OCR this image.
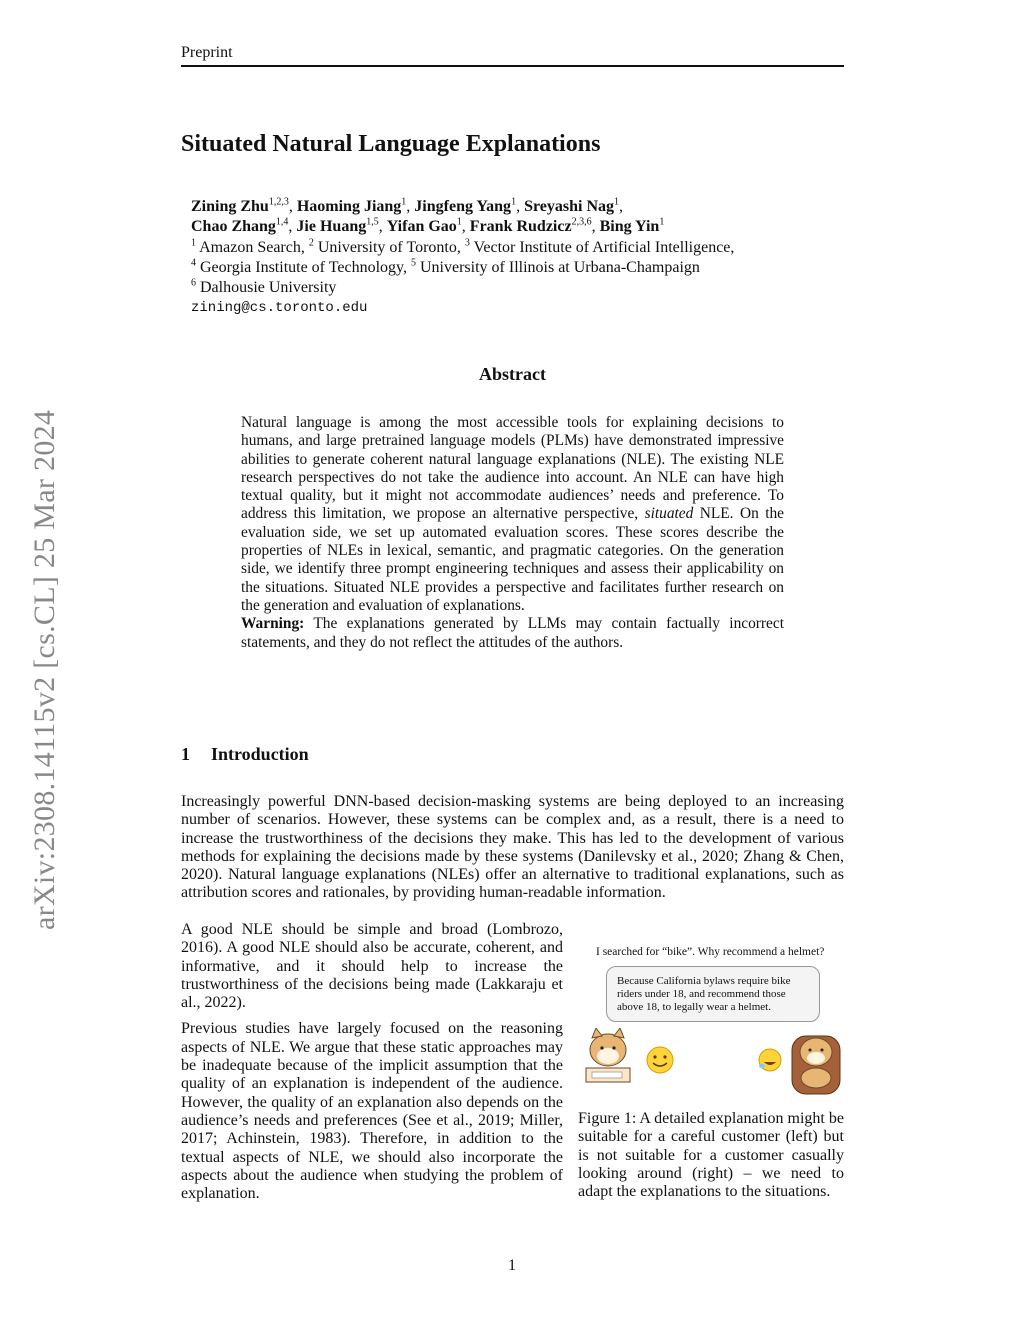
Preprint
arXiv:2308.14115v2 [cs.CL] 25 Mar 2024
Situated Natural Language Explanations
Zining Zhu$^{1,2,3}$, Haoming Jiang$^1$, Jingfeng Yang$^1$, Sreyashi Nag$^1$,
Chao Zhang$^{1,4}$, Jie Huang$^{1,5}$, Yifan Gao$^1$, Frank Rudzicz$^{2,3,6}$, Bing Yin$^1$
$^1$ Amazon Search, $^2$ University of Toronto, $^3$ Vector Institute of Artificial Intelligence,
$^4$ Georgia Institute of Technology, $^5$ University of Illinois at Urbana-Champaign
$^6$ Dalhousie University
zining@cs.toronto.edu
Abstract

Natural language is among the most accessible tools for explaining decisions to humans, and large pretrained language models (PLMs) have demonstrated impressive abilities to generate coherent natural language explanations (NLE). The existing NLE research perspectives do not take the audience into account. An NLE can have high textual quality, but it might not accommodate audiences’ needs and preference. To address this limitation, we propose an alternative perspective, situated NLE. On the evaluation side, we set up automated evaluation scores. These scores describe the properties of NLEs in lexical, semantic, and pragmatic categories. On the generation side, we identify three prompt engineering techniques and assess their applicability on the situations. Situated NLE provides a perspective and facilitates further research on the generation and evaluation of explanations.

Warning: The explanations generated by LLMs may contain factually incorrect statements, and they do not reflect the attitudes of the authors.

1 Introduction

Increasingly powerful DNN-based decision-masking systems are being deployed to an increasing number of scenarios. However, these systems can be complex and, as a result, there is a need to increase the trustworthiness of the decisions they make. This has led to the development of various methods for explaining the decisions made by these systems (Danilevsky et al., 2020; Zhang & Chen, 2020). Natural language explanations (NLEs) offer an alternative to traditional explanations, such as attribution scores and rationales, by providing human-readable information.

A good NLE should be simple and broad (Lombrozo, 2016). A good NLE should also be accurate, coherent, and informative, and it should help to increase the trustworthiness of the decisions being made (Lakkaraju et al., 2022).

Previous studies have largely focused on the reasoning aspects of NLE. We argue that these static approaches may be inadequate because of the implicit assumption that the quality of an explanation is independent of the audience. However, the quality of an explanation also depends on the audience’s needs and preferences (See et al., 2019; Miller, 2017; Achinstein, 1983). Therefore, in addition to the textual aspects of NLE, we should also incorporate the aspects about the audience when studying the problem of explanation.

I searched for “bike”. Why recommend a helmet?
Because California bylaws require bike riders under 18, and recommend those above 18, to legally wear a helmet.
Figure 1: A detailed explanation might be suitable for a careful customer (left) but is not suitable for a customer casually looking around (right) – we need to adapt the explanations to the situations.
1
